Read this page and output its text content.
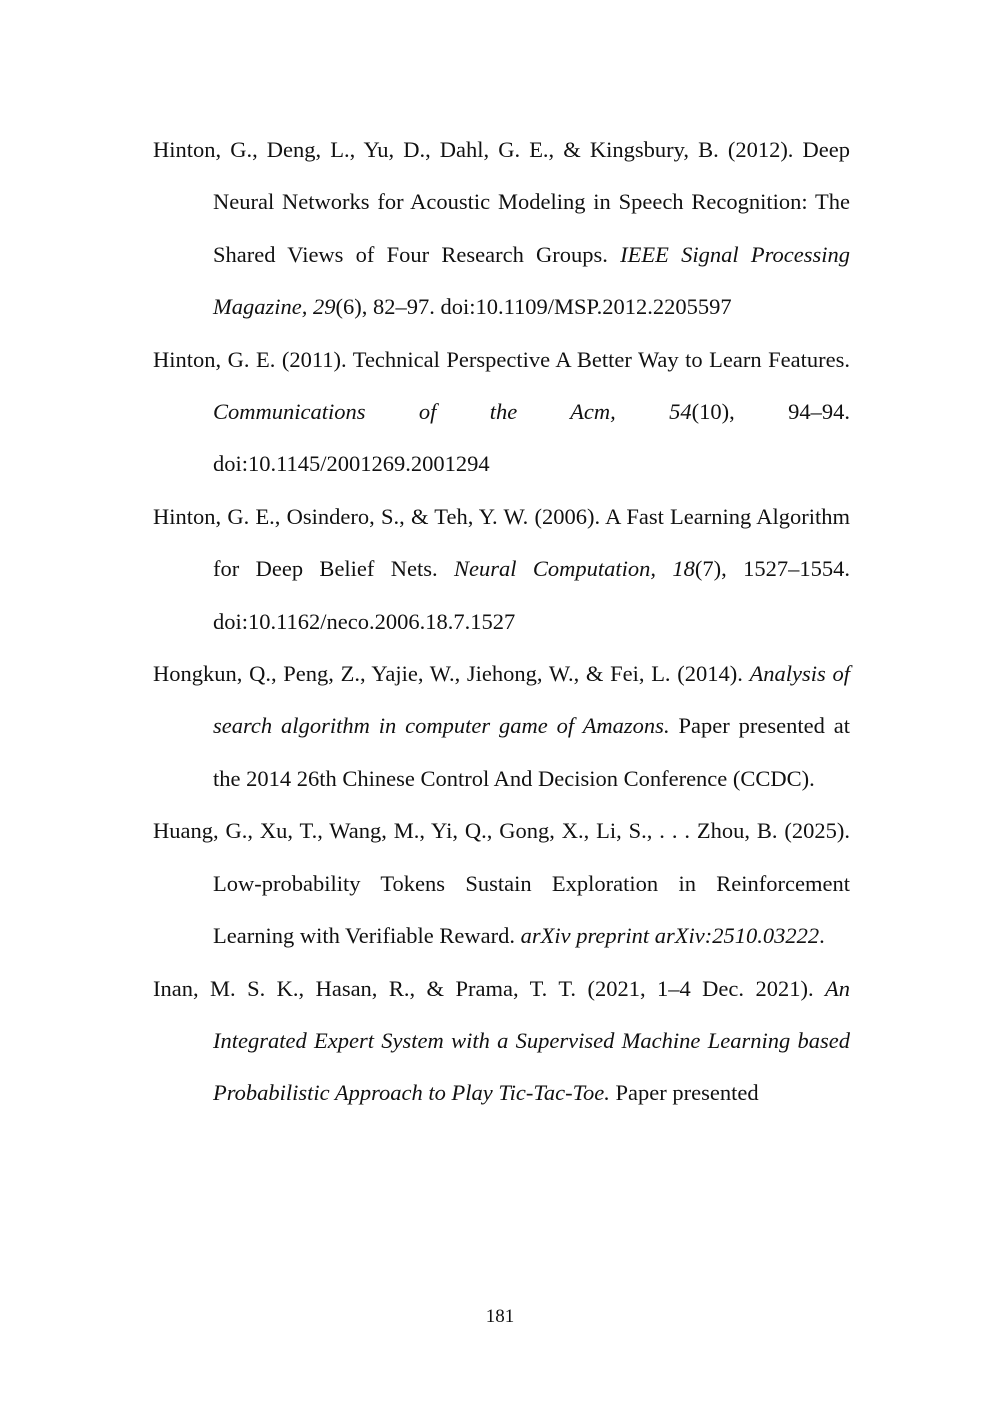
Hinton, G., Deng, L., Yu, D., Dahl, G. E., & Kingsbury, B. (2012). Deep Neural Networks for Acoustic Modeling in Speech Recognition: The Shared Views of Four Research Groups. IEEE Signal Processing Magazine, 29(6), 82–97. doi:10.1109/MSP.2012.2205597

Hinton, G. E. (2011). Technical Perspective A Better Way to Learn Features. Communications of the Acm, 54(10), 94–94. doi:10.1145/2001269.2001294

Hinton, G. E., Osindero, S., & Teh, Y. W. (2006). A Fast Learning Algorithm for Deep Belief Nets. Neural Computation, 18(7), 1527–1554. doi:10.1162/neco.2006.18.7.1527

Hongkun, Q., Peng, Z., Yajie, W., Jiehong, W., & Fei, L. (2014). Analysis of search algorithm in computer game of Amazons. Paper presented at the 2014 26th Chinese Control And Decision Conference (CCDC).

Huang, G., Xu, T., Wang, M., Yi, Q., Gong, X., Li, S., . . . Zhou, B. (2025). Low-probability Tokens Sustain Exploration in Reinforcement Learning with Verifiable Reward. arXiv preprint arXiv:2510.03222.

Inan, M. S. K., Hasan, R., & Prama, T. T. (2021, 1–4 Dec. 2021). An Integrated Expert System with a Supervised Machine Learning based Probabilistic Approach to Play Tic-Tac-Toe. Paper presented

181
